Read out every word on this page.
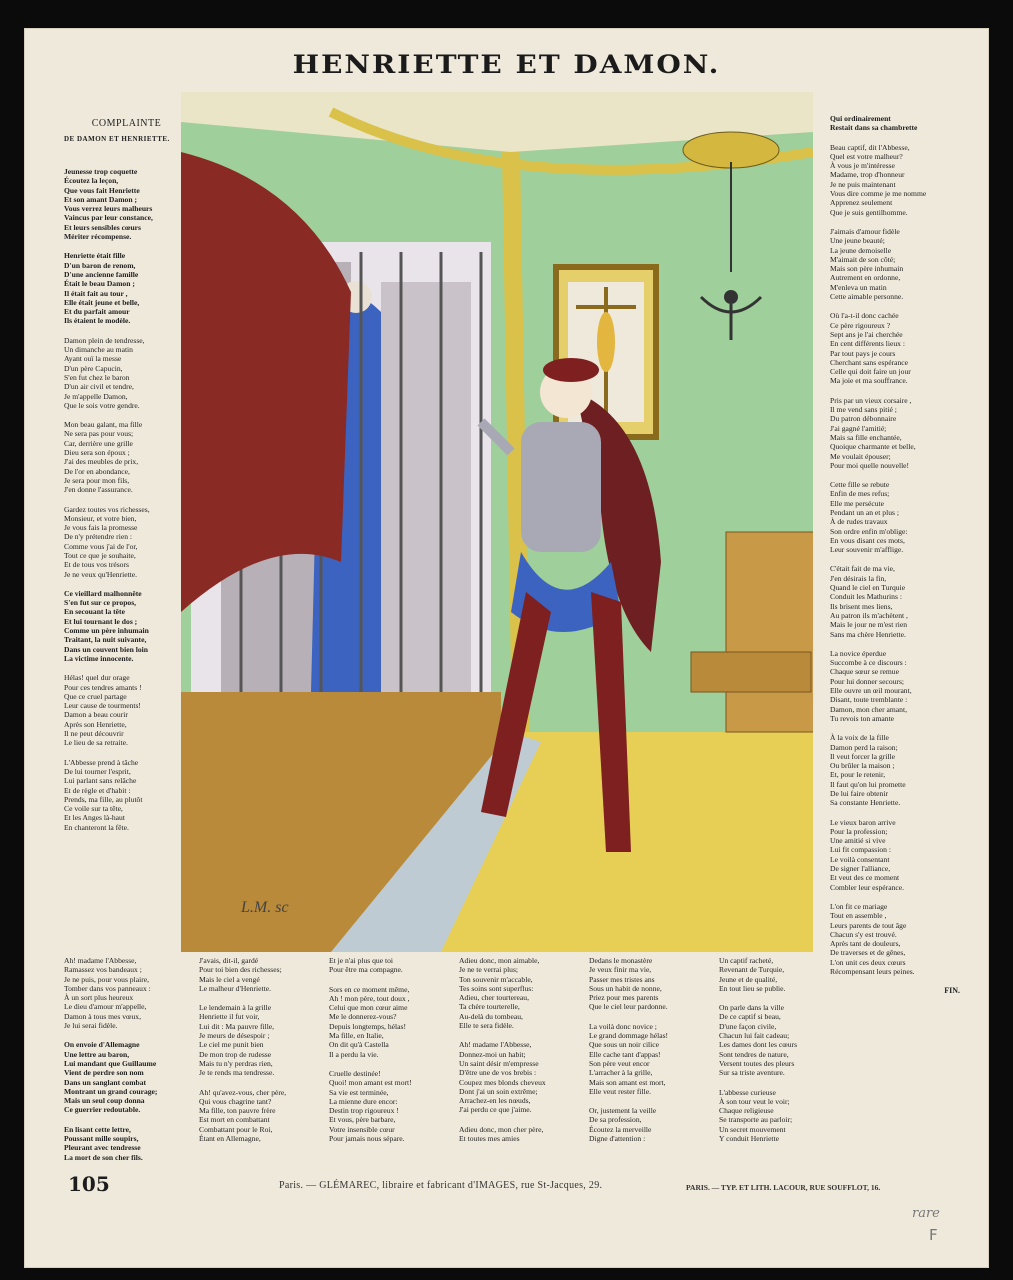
HENRIETTE ET DAMON.
COMPLAINTE
DE DAMON ET HENRIETTE.
Jeunesse trop coquette
Écoutez la leçon,
Que vous fait Henriette
Et son amant Damon ;
Vous verrez leurs malheurs
Vaincus par leur constance,
Et leurs sensibles cœurs
Mériter récompense.
Henriette était fille
D'un baron de renom,
D'une ancienne famille
Était le beau Damon ;
Il était fait au tour ,
Elle était jeune et belle,
Et du parfait amour
Ils étaient le modèle.
Damon plein de tendresse,
Un dimanche au matin
Ayant ouï la messe
D'un père Capucin,
S'en fut chez le baron
D'un air civil et tendre,
Je m'appelle Damon,
Que le sois votre gendre.
Mon beau galant, ma fille
Ne sera pas pour vous;
Car, derrière une grille
Dieu sera son époux ;
J'ai des meubles de prix,
De l'or en abondance,
Je sera pour mon fils,
J'en donne l'assurance.
Gardez toutes vos richesses,
Monsieur, et votre bien,
Je vous fais la promesse
De n'y prétendre rien :
Comme vous j'ai de l'or,
Tout ce que je souhaite,
Et de tous vos trésors
Je ne veux qu'Henriette.
Ce vieillard malhonnête
S'en fut sur ce propos,
En secouant la tête
Et lui tournant le dos ;
Comme un père inhumain
Traitant, la nuit suivante,
Dans un couvent bien loin
La victime innocente.
Hélas! quel dur orage
Pour ces tendres amants !
Que ce cruel partage
Leur cause de tourments!
Damon a beau courir
Après son Henriette,
Il ne peut découvrir
Le lieu de sa retraite.
L'Abbesse prend à tâche
De lui tourner l'esprit,
Lui parlant sans relâche
Et de règle et d'habit :
Prends, ma fille, au plutôt
Ce voile sur ta tête,
Et les Anges là-haut
En chanteront la fête.
L.M. sc
Qui ordinairement
Restait dans sa chambrette
Beau captif, dit l'Abbesse,
Quel est votre malheur?
À vous je m'intéresse
Madame, trop d'honneur
Je ne puis maintenant
Vous dire comme je me nomme
Apprenez seulement
Que je suis gentilhomme.
J'aimais d'amour fidèle
Une jeune beauté;
La jeune demoiselle
M'aimait de son côté;
Mais son père inhumain
Autrement en ordonne,
M'enleva un matin
Cette aimable personne.
Où l'a-t-il donc cachée
Ce père rigoureux ?
Sept ans je l'ai cherchée
En cent différents lieux :
Par tout pays je cours
Cherchant sans espérance
Celle qui doit faire un jour
Ma joie et ma souffrance.
Pris par un vieux corsaire ,
Il me vend sans pitié ;
Du patron débonnaire
J'ai gagné l'amitié;
Mais sa fille enchantée,
Quoique charmante et belle,
Me voulait épouser;
Pour moi quelle nouvelle!
Cette fille se rebute
Enfin de mes refus;
Elle me persécute
Pendant un an et plus ;
À de rudes travaux
Son ordre enfin m'oblige:
En vous disant ces mots,
Leur souvenir m'afflige.
C'était fait de ma vie,
J'en désirais la fin,
Quand le ciel en Turquie
Conduit les Mathurins :
Ils brisent mes liens,
Au patron ils m'achètent ,
Mais le jour ne m'est rien
Sans ma chère Henriette.
La novice éperdue
Succombe à ce discours :
Chaque sœur se remue
Pour lui donner secours;
Elle ouvre un œil mourant,
Disant, toute tremblante :
Damon, mon cher amant,
Tu revois ton amante
À la voix de la fille
Damon perd la raison;
Il veut forcer la grille
Ou brûler la maison ;
Et, pour le retenir,
Il faut qu'on lui promette
De lui faire obtenir
Sa constante Henriette.
Le vieux baron arrive
Pour la profession;
Une amitié si vive
Lui fit compassion :
Le voilà consentant
De signer l'alliance,
Et veut des ce moment
Combler leur espérance.
L'on fit ce mariage
Tout en assemble ,
Leurs parents de tout âge
Chacun s'y est trouvé.
Après tant de douleurs,
De traverses et de gênes,
L'on unit ces deux cœurs
Récompensant leurs peines.
FIN.
Ah! madame l'Abbesse,
Ramassez vos bandeaux ;
Je ne puis, pour vous plaire,
Tomber dans vos panneaux :
À un sort plus heureux
Le dieu d'amour m'appelle,
Damon à tous mes vœux,
Je lui serai fidèle.
On envoie d'Allemagne
Une lettre au baron,
Lui mandant que Guillaume
Vient de perdre son nom
Dans un sanglant combat
Montrant un grand courage;
Mais un seul coup donna
Ce guerrier redoutable.
En lisant cette lettre,
Poussant mille soupirs,
Pleurant avec tendresse
La mort de son cher fils.
J'avais, dit-il, gardé
Pour toi bien des richesses;
Mais le ciel a vengé
Le malheur d'Henriette.
Le lendemain à la grille
Henriette il fut voir,
Lui dit : Ma pauvre fille,
Je meurs de désespoir ;
Le ciel me punit bien
De mon trop de rudesse
Mais tu n'y perdras rien,
Je te rends ma tendresse.
Ah! qu'avez-vous, cher père,
Qui vous chagrine tant?
Ma fille, ton pauvre frère
Est mort en combattant
Combattant pour le Roi,
Étant en Allemagne,
Et je n'ai plus que toi
Pour être ma compagne.
Sors en ce moment même,
Ah ! mon père, tout doux ,
Celui que mon cœur aime
Me le donnerez-vous?
Depuis longtemps, hélas!
Ma fille, en Italie,
On dit qu'à Castella
Il a perdu la vie.
Cruelle destinée!
Quoi! mon amant est mort!
Sa vie est terminée,
La mienne dure encor:
Destin trop rigoureux !
Et vous, père barbare,
Votre insensible cœur
Pour jamais nous sépare.
Adieu donc, mon aimable,
Je ne te verrai plus;
Ton souvenir m'accable,
Tes soins sont superflus:
Adieu, cher tourtereau,
Ta chère tourterelle,
Au-delà du tombeau,
Elle te sera fidèle.
Ah! madame l'Abbesse,
Donnez-moi un habit;
Un saint désir m'empresse
D'être une de vos brebis :
Coupez mes blonds cheveux
Dont j'ai un soin extrême;
Arrachez-en les nœuds,
J'ai perdu ce que j'aime.
Adieu donc, mon cher père,
Et toutes mes amies
Dedans le monastère
Je veux finir ma vie,
Passer mes tristes ans
Sous un habit de nonne,
Priez pour mes parents
Que le ciel leur pardonne.
La voilà donc novice ;
Le grand dommage hélas!
Que sous un noir cilice
Elle cache tant d'appas!
Son père veut encor
L'arracher à la grille,
Mais son amant est mort,
Elle veut rester fille.
Or, justement la veille
De sa profession,
Écoutez la merveille
Digne d'attention :
Un captif racheté,
Revenant de Turquie,
Jeune et de qualité,
En tout lieu se publie.
On parle dans la ville
De ce captif si beau,
D'une façon civile,
Chacun lui fait cadeau;
Les dames dont les cœurs
Sont tendres de nature,
Versent toutes des pleurs
Sur sa triste aventure.
L'abbesse curieuse
À son tour veut le voir;
Chaque religieuse
Se transporte au parloir;
Un secret mouvement
Y conduit Henriette
105	Paris. — GLÉMAREC, libraire et fabricant d'IMAGES, rue St-Jacques, 29.	PARIS. — TYP. ET LITH. LACOUR, RUE SOUFFLOT, 16.
rare
F
